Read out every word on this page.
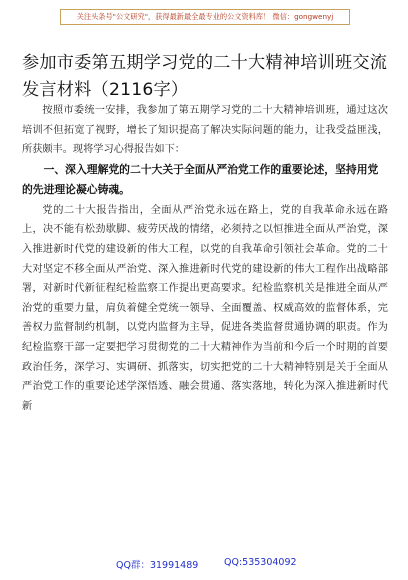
关注头条号"公文研究"，获得最新最全最专业的公文资料库！ 微信：gongwenyj
参加市委第五期学习党的二十大精神培训班交流发言材料（2116字）

按照市委统一安排，我参加了第五期学习党的二十大精神培训班，通过这次培训不但拓宽了视野，增长了知识提高了解决实际问题的能力，让我受益匪浅，所获颇丰。现将学习心得报告如下：

一、深入理解党的二十大关于全面从严治党工作的重要论述，坚持用党的先进理论凝心铸魂。

党的二十大报告指出，全面从严治党永远在路上，党的自我革命永远在路上，决不能有松劲歇脚、疲劳厌战的情绪，必须持之以恒推进全面从严治党，深入推进新时代党的建设新的伟大工程，以党的自我革命引领社会革命。党的二十大对坚定不移全面从严治党、深入推进新时代党的建设新的伟大工程作出战略部署，对新时代新征程纪检监察工作提出更高要求。纪检监察机关是推进全面从严治党的重要力量，肩负着健全党统一领导、全面覆盖、权威高效的监督体系，完善权力监督制约机制，以党内监督为主导，促进各类监督贯通协调的职责。作为纪检监察干部一定要把学习贯彻党的二十大精神作为当前和今后一个时期的首要政治任务，深学习、实调研、抓落实，切实把党的二十大精神特别是关于全面从严治党工作的重要论述学深悟透、融会贯通、落实落地，转化为深入推进新时代新

QQ群：31991489	QQ:535304092
